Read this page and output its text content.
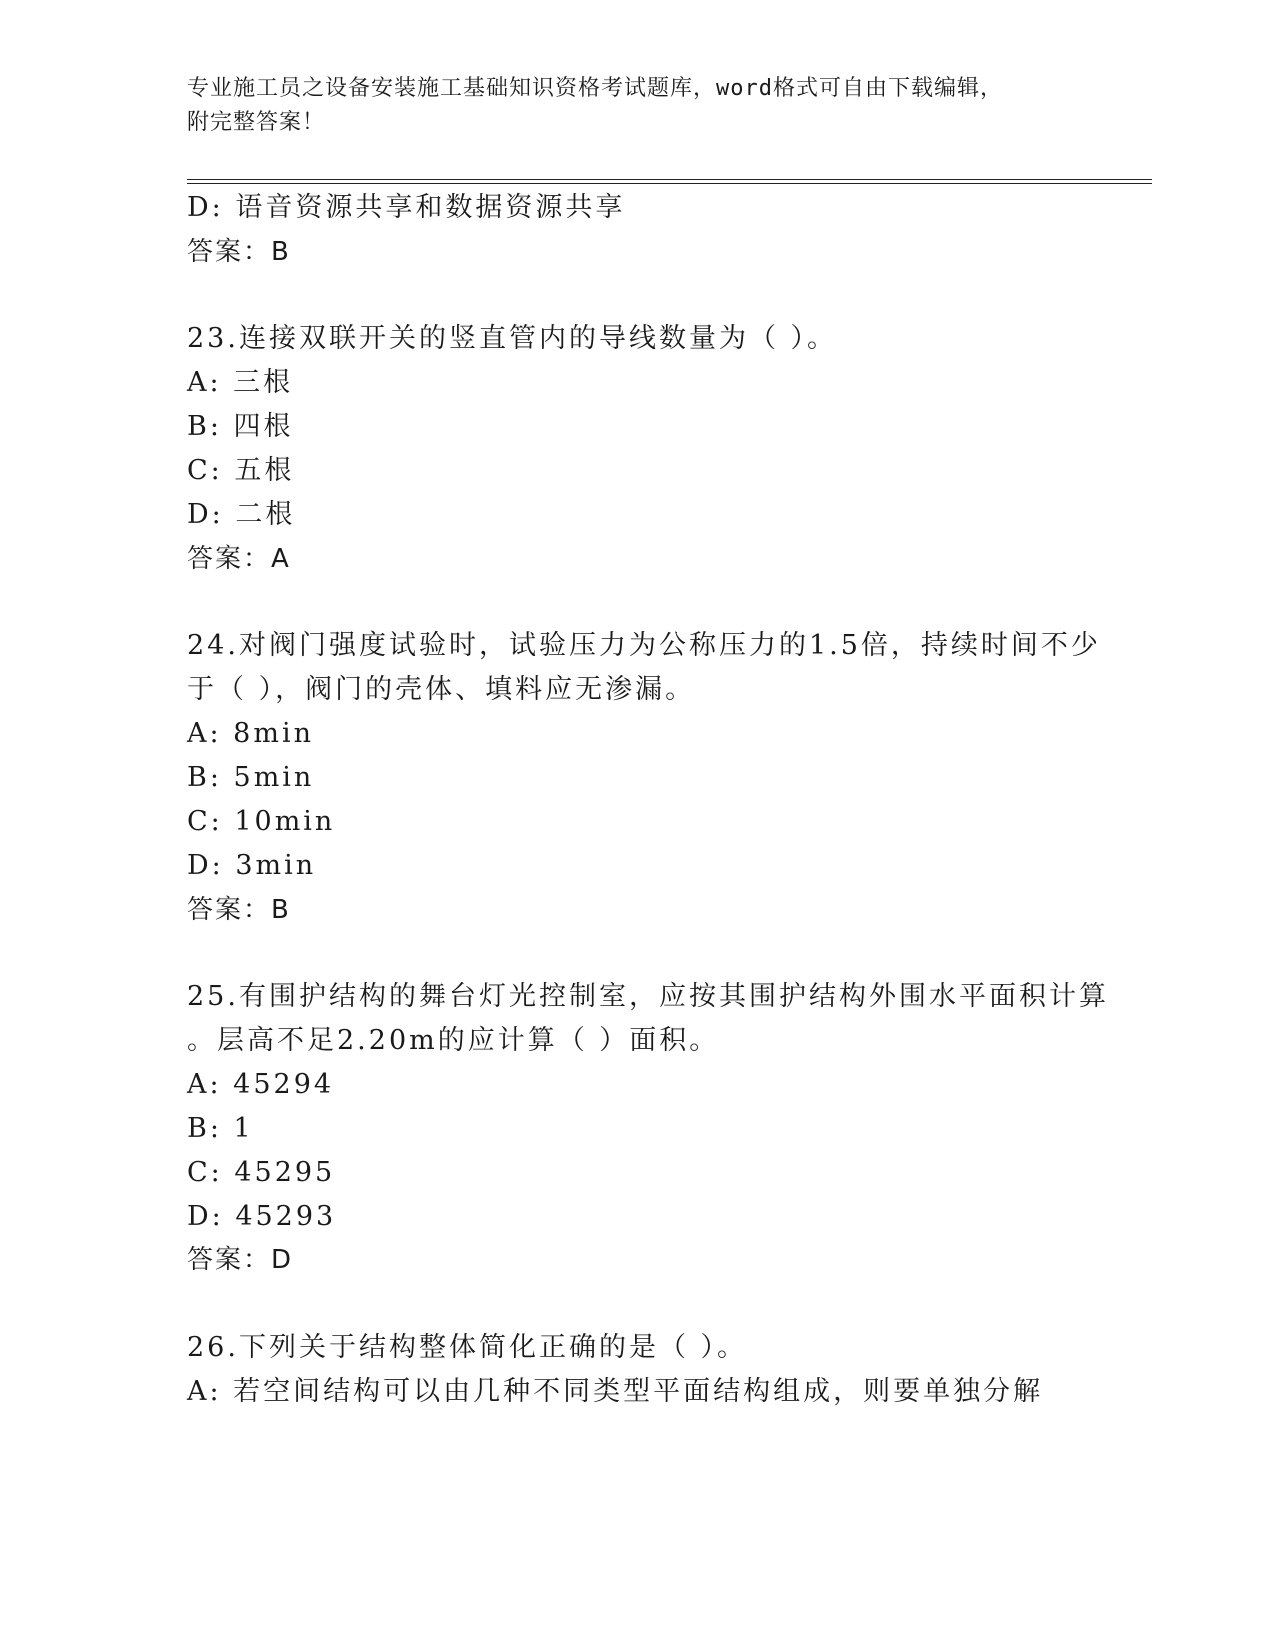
专业施工员之设备安装施工基础知识资格考试题库，word格式可自由下载编辑，
附完整答案！
D: 语音资源共享和数据资源共享
答案：B
23.连接双联开关的竖直管内的导线数量为（ ）。
A: 三根
B: 四根
C: 五根
D: 二根
答案：A
24.对阀门强度试验时，试验压力为公称压力的1.5倍，持续时间不少
于（ ），阀门的壳体、填料应无渗漏。
A: 8min
B: 5min
C: 10min
D: 3min
答案：B
25.有围护结构的舞台灯光控制室，应按其围护结构外围水平面积计算
。层高不足2.20m的应计算（ ）面积。
A: 45294
B: 1
C: 45295
D: 45293
答案：D
26.下列关于结构整体简化正确的是（ ）。
A: 若空间结构可以由几种不同类型平面结构组成，则要单独分解
